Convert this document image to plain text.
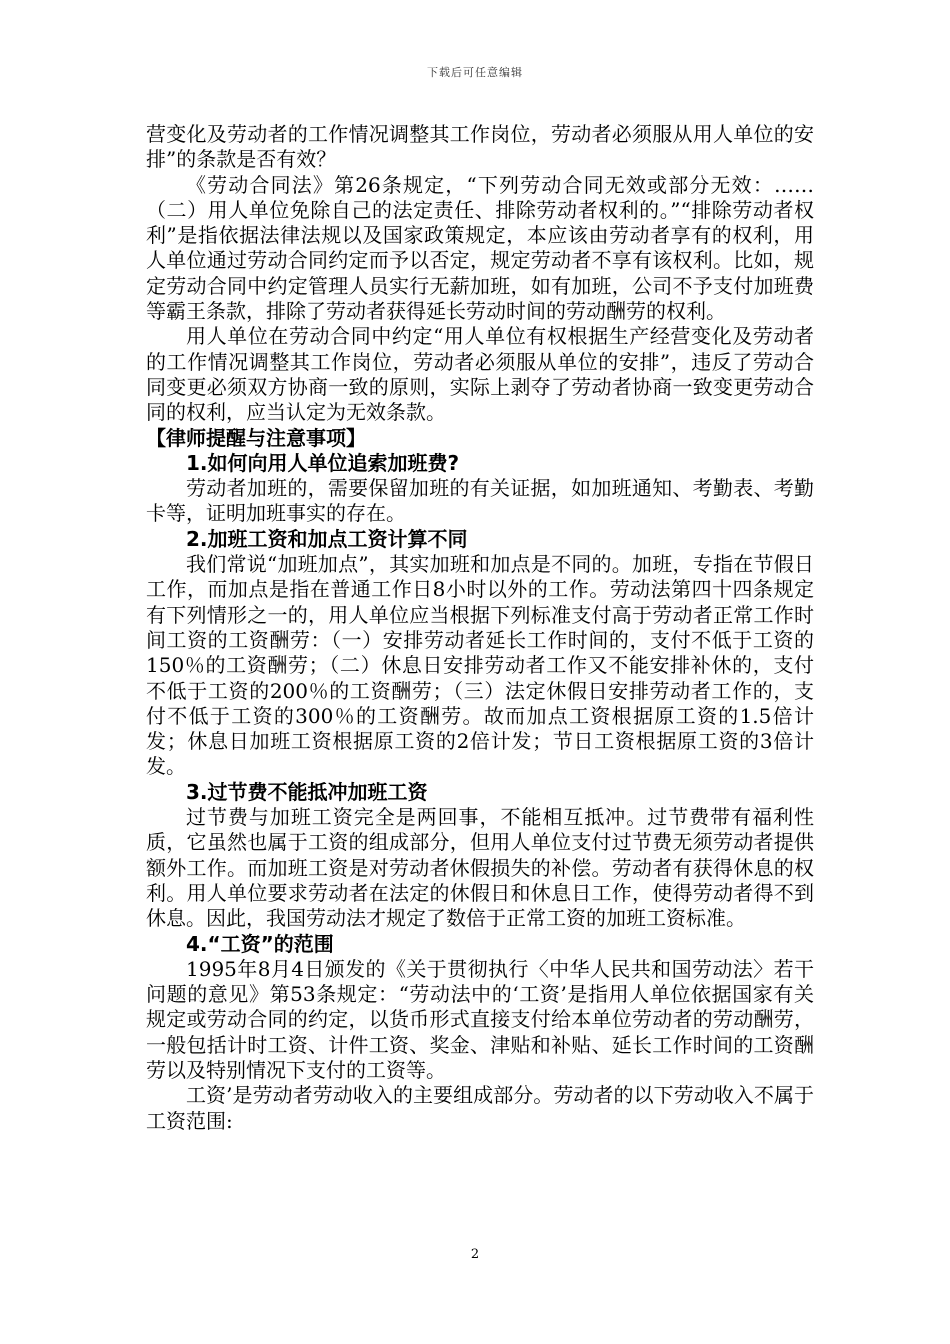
下载后可任意编辑

营变化及劳动者的工作情况调整其工作岗位，劳动者必须服从用人单位的安排”的条款是否有效？

《劳动合同法》第26条规定，“下列劳动合同无效或部分无效：……（二）用人单位免除自己的法定责任、排除劳动者权利的。”“排除劳动者权利”是指依据法律法规以及国家政策规定，本应该由劳动者享有的权利，用人单位通过劳动合同约定而予以否定，规定劳动者不享有该权利。比如，规定劳动合同中约定管理人员实行无薪加班，如有加班，公司不予支付加班费等霸王条款，排除了劳动者获得延长劳动时间的劳动酬劳的权利。

用人单位在劳动合同中约定“用人单位有权根据生产经营变化及劳动者的工作情况调整其工作岗位，劳动者必须服从单位的安排”，违反了劳动合同变更必须双方协商一致的原则，实际上剥夺了劳动者协商一致变更劳动合同的权利，应当认定为无效条款。

【律师提醒与注意事项】

1.如何向用人单位追索加班费?

劳动者加班的，需要保留加班的有关证据，如加班通知、考勤表、考勤卡等，证明加班事实的存在。

2.加班工资和加点工资计算不同

我们常说“加班加点”，其实加班和加点是不同的。加班，专指在节假日工作，而加点是指在普通工作日8小时以外的工作。劳动法第四十四条规定有下列情形之一的，用人单位应当根据下列标准支付高于劳动者正常工作时间工资的工资酬劳：（一）安排劳动者延长工作时间的，支付不低于工资的150％的工资酬劳；（二）休息日安排劳动者工作又不能安排补休的，支付不低于工资的200％的工资酬劳；（三）法定休假日安排劳动者工作的，支付不低于工资的300％的工资酬劳。故而加点工资根据原工资的1.5倍计发；休息日加班工资根据原工资的2倍计发；节日工资根据原工资的3倍计发。

3.过节费不能抵冲加班工资

过节费与加班工资完全是两回事，不能相互抵冲。过节费带有福利性质，它虽然也属于工资的组成部分，但用人单位支付过节费无须劳动者提供额外工作。而加班工资是对劳动者休假损失的补偿。劳动者有获得休息的权利。用人单位要求劳动者在法定的休假日和休息日工作，使得劳动者得不到休息。因此，我国劳动法才规定了数倍于正常工资的加班工资标准。

4.“工资”的范围

1995年8月4日颁发的《关于贯彻执行〈中华人民共和国劳动法〉若干问题的意见》第53条规定：“劳动法中的‘工资’是指用人单位依据国家有关规定或劳动合同的约定，以货币形式直接支付给本单位劳动者的劳动酬劳，一般包括计时工资、计件工资、奖金、津贴和补贴、延长工作时间的工资酬劳以及特别情况下支付的工资等。

工资’是劳动者劳动收入的主要组成部分。劳动者的以下劳动收入不属于工资范围:

2
